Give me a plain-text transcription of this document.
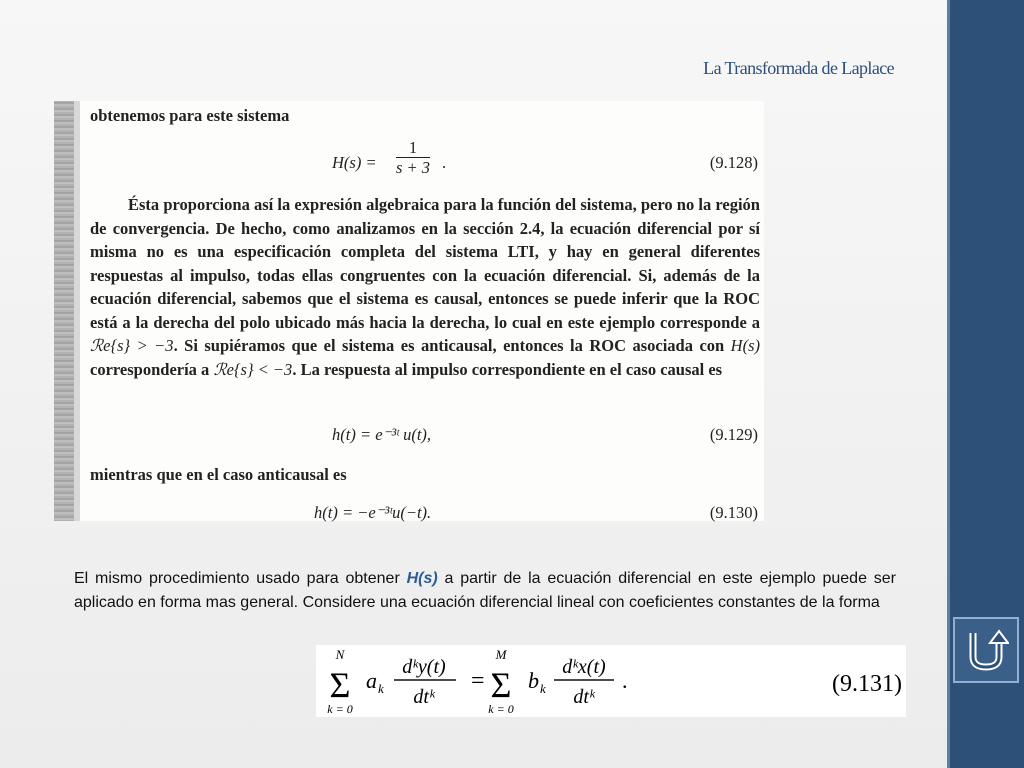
La Transformada de Laplace
obtenemos para este sistema
$H(s) = \frac{1}{s + 3}$ .	(9.128)
Ésta proporciona así la expresión algebraica para la función del sistema, pero no la región de convergencia. De hecho, como analizamos en la sección 2.4, la ecuación diferencial por sí misma no es una especificación completa del sistema LTI, y hay en general diferentes respuestas al impulso, todas ellas congruentes con la ecuación diferencial. Si, además de la ecuación diferencial, sabemos que el sistema es causal, entonces se puede inferir que la ROC está a la derecha del polo ubicado más hacia la derecha, lo cual en este ejemplo corresponde a ℛe{s} > −3. Si supiéramos que el sistema es anticausal, entonces la ROC asociada con H(s) correspondería a ℛe{s} < −3. La respuesta al impulso correspondiente en el caso causal es
h(t) = e⁻³ᵗ u(t),	(9.129)
mientras que en el caso anticausal es
h(t) = −e⁻³ᵗu(−t).	(9.130)
El mismo procedimiento usado para obtener H(s) a partir de la ecuación diferencial en este ejemplo puede ser aplicado en forma mas general. Considere una ecuación diferencial lineal con coeficientes constantes de la forma
N
Σ
k = 0
a k
dᵏy(t)
dtᵏ
=
M
Σ
k = 0
b k
dᵏx(t)
dtᵏ
.	(9.131)
